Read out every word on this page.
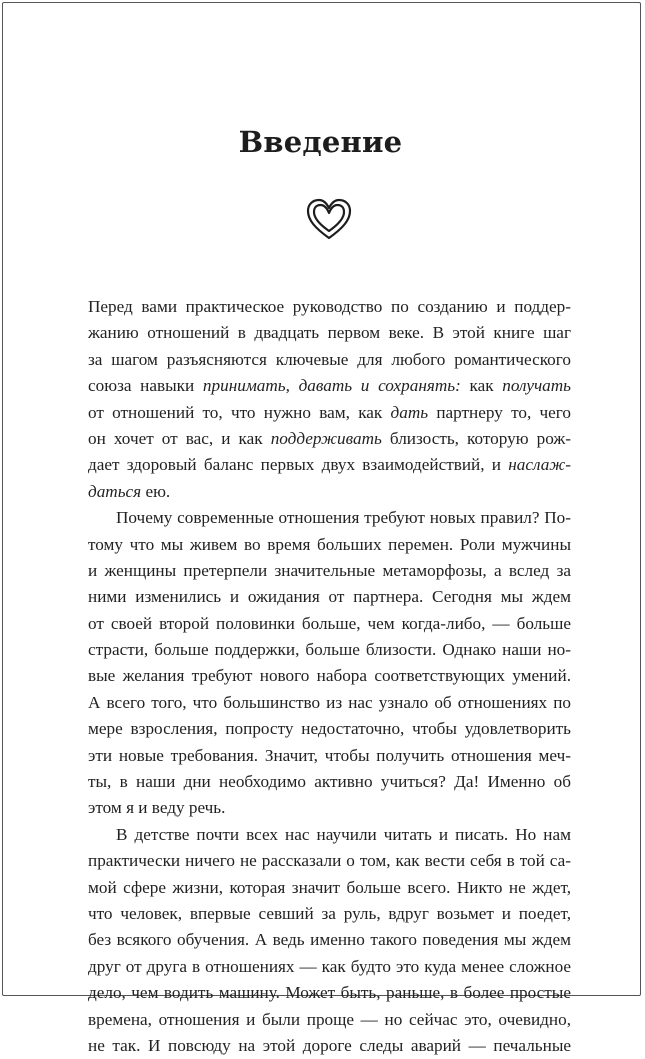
Введение
Перед вами практическое руководство по созданию и поддер-
жанию отношений в двадцать первом веке. В этой книге шаг
за шагом разъясняются ключевые для любого романтического
союза навыки принимать, давать и сохранять: как получать
от отношений то, что нужно вам, как дать партнеру то, чего
он хочет от вас, и как поддерживать близость, которую рож-
дает здоровый баланс первых двух взаимодействий, и наслаж-
даться ею.
Почему современные отношения требуют новых правил? По-
тому что мы живем во время больших перемен. Роли мужчины
и женщины претерпели значительные метаморфозы, а вслед за
ними изменились и ожидания от партнера. Сегодня мы ждем
от своей второй половинки больше, чем когда-либо, — больше
страсти, больше поддержки, больше близости. Однако наши но-
вые желания требуют нового набора соответствующих умений.
А всего того, что большинство из нас узнало об отношениях по
мере взросления, попросту недостаточно, чтобы удовлетворить
эти новые требования. Значит, чтобы получить отношения меч-
ты, в наши дни необходимо активно учиться? Да! Именно об
этом я и веду речь.
В детстве почти всех нас научили читать и писать. Но нам
практически ничего не рассказали о том, как вести себя в той са-
мой сфере жизни, которая значит больше всего. Никто не ждет,
что человек, впервые севший за руль, вдруг возьмет и поедет,
без всякого обучения. А ведь именно такого поведения мы ждем
друг от друга в отношениях — как будто это куда менее сложное
дело, чем водить машину. Может быть, раньше, в более простые
времена, отношения и были проще — но сейчас это, очевидно,
не так. И повсюду на этой дороге следы аварий — печальные
